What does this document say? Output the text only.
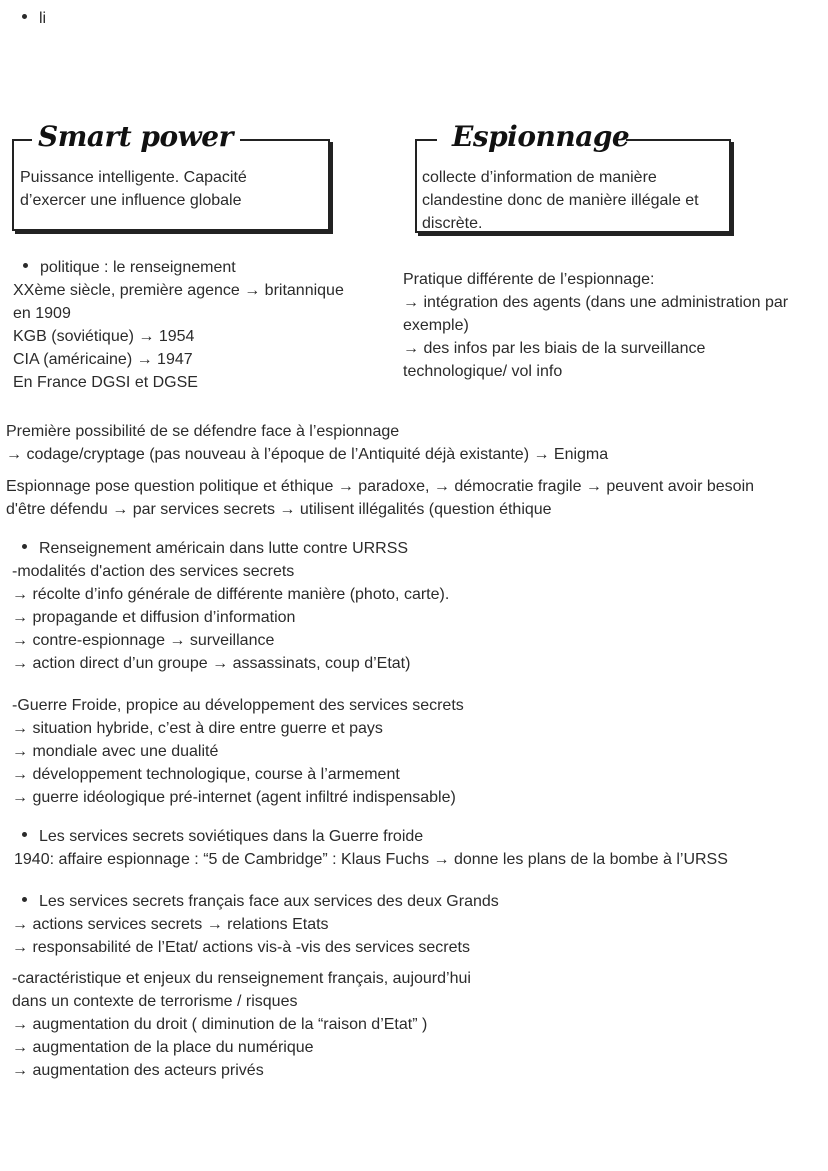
li
Smart power
Puissance intelligente. Capacité
d’exercer une influence globale
Espionnage
collecte d’information de manière
clandestine donc de manière illégale et
discrète.
politique : le renseignement
XXème siècle, première agence → britannique
en 1909
KGB (soviétique) → 1954
CIA (américaine) → 1947
En France DGSI et DGSE
Pratique différente de l’espionnage:
→ intégration des agents (dans une administration par
exemple)
→ des infos par les biais de la surveillance
technologique/ vol info
Première possibilité de se défendre face à l’espionnage
→ codage/cryptage (pas nouveau à l’époque de l’Antiquité déjà existante) → Enigma
Espionnage pose question politique et éthique → paradoxe, → démocratie fragile → peuvent avoir besoin
d'être défendu → par services secrets → utilisent illégalités (question éthique
Renseignement américain dans lutte contre URRSS
-modalités d'action des services secrets
→ récolte d’info générale de différente manière (photo, carte).
→ propagande et diffusion d’information
→ contre-espionnage → surveillance
→ action direct d’un groupe → assassinats, coup d’Etat)
-Guerre Froide, propice au développement des services secrets
→ situation hybride, c’est à dire entre guerre et pays
→ mondiale avec une dualité
→ développement technologique, course à l’armement
→ guerre idéologique pré-internet (agent infiltré indispensable)
Les services secrets soviétiques dans la Guerre froide
1940: affaire espionnage : “5 de Cambridge” : Klaus Fuchs → donne les plans de la bombe à l’URSS
Les services secrets français face aux services des deux Grands
→ actions services secrets → relations Etats
→ responsabilité de l’Etat/ actions vis-à -vis des services secrets
-caractéristique et enjeux du renseignement français, aujourd’hui
dans un contexte de terrorisme / risques
→ augmentation du droit ( diminution de la “raison d’Etat” )
→ augmentation de la place du numérique
→ augmentation des acteurs privés
